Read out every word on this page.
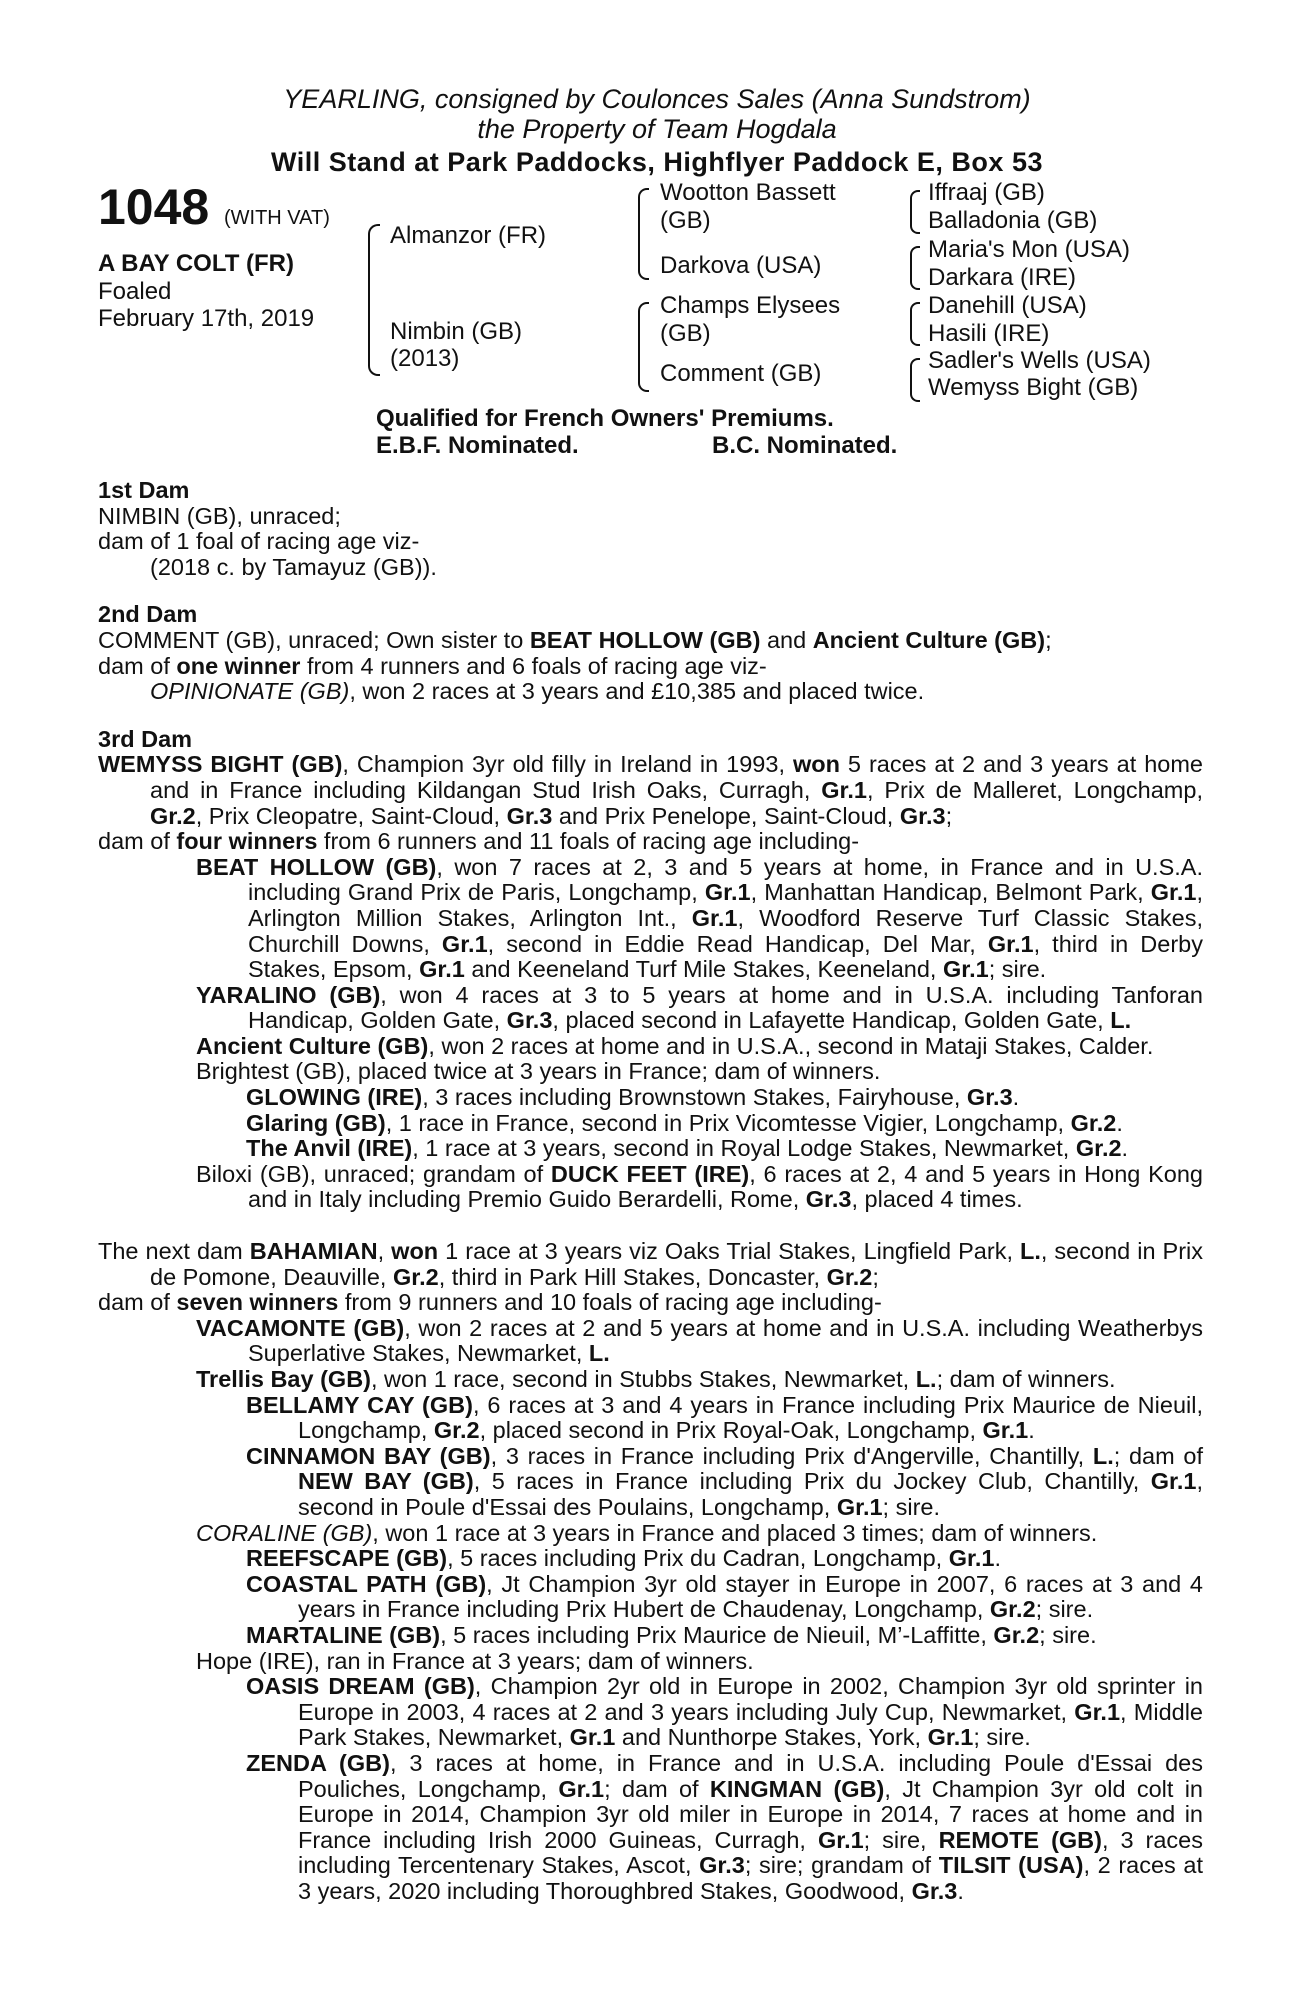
YEARLING, consigned by Coulonces Sales (Anna Sundstrom)
the Property of Team Hogdala
Will Stand at Park Paddocks, Highflyer Paddock E, Box 53
1048 (WITH VAT)
A BAY COLT (FR)
Foaled
February 17th, 2019
Almanzor (FR)
Nimbin (GB)
(2013)
Wootton Bassett
(GB)
Darkova (USA)
Champs Elysees
(GB)
Comment (GB)
Iffraaj (GB)
Balladonia (GB)
Maria's Mon (USA)
Darkara (IRE)
Danehill (USA)
Hasili (IRE)
Sadler's Wells (USA)
Wemyss Bight (GB)
Qualified for French Owners' Premiums.
E.B.F. Nominated.	B.C. Nominated.
1st Dam
NIMBIN (GB), unraced;
dam of 1 foal of racing age viz-
(2018 c. by Tamayuz (GB)).
2nd Dam
COMMENT (GB), unraced; Own sister to BEAT HOLLOW (GB) and Ancient Culture (GB);
dam of one winner from 4 runners and 6 foals of racing age viz-
OPINIONATE (GB), won 2 races at 3 years and £10,385 and placed twice.
3rd Dam
WEMYSS BIGHT (GB), Champion 3yr old filly in Ireland in 1993, won 5 races at 2 and 3 years at home and in France including Kildangan Stud Irish Oaks, Curragh, Gr.1, Prix de Malleret, Longchamp, Gr.2, Prix Cleopatre, Saint-Cloud, Gr.3 and Prix Penelope, Saint-Cloud, Gr.3;
dam of four winners from 6 runners and 11 foals of racing age including-
BEAT HOLLOW (GB), won 7 races at 2, 3 and 5 years at home, in France and in U.S.A. including Grand Prix de Paris, Longchamp, Gr.1, Manhattan Handicap, Belmont Park, Gr.1, Arlington Million Stakes, Arlington Int., Gr.1, Woodford Reserve Turf Classic Stakes, Churchill Downs, Gr.1, second in Eddie Read Handicap, Del Mar, Gr.1, third in Derby Stakes, Epsom, Gr.1 and Keeneland Turf Mile Stakes, Keeneland, Gr.1; sire.
YARALINO (GB), won 4 races at 3 to 5 years at home and in U.S.A. including Tanforan Handicap, Golden Gate, Gr.3, placed second in Lafayette Handicap, Golden Gate, L.
Ancient Culture (GB), won 2 races at home and in U.S.A., second in Mataji Stakes, Calder.
Brightest (GB), placed twice at 3 years in France; dam of winners.
GLOWING (IRE), 3 races including Brownstown Stakes, Fairyhouse, Gr.3.
Glaring (GB), 1 race in France, second in Prix Vicomtesse Vigier, Longchamp, Gr.2.
The Anvil (IRE), 1 race at 3 years, second in Royal Lodge Stakes, Newmarket, Gr.2.
Biloxi (GB), unraced; grandam of DUCK FEET (IRE), 6 races at 2, 4 and 5 years in Hong Kong and in Italy including Premio Guido Berardelli, Rome, Gr.3, placed 4 times.
The next dam BAHAMIAN, won 1 race at 3 years viz Oaks Trial Stakes, Lingfield Park, L., second in Prix de Pomone, Deauville, Gr.2, third in Park Hill Stakes, Doncaster, Gr.2;
dam of seven winners from 9 runners and 10 foals of racing age including-
VACAMONTE (GB), won 2 races at 2 and 5 years at home and in U.S.A. including Weatherbys Superlative Stakes, Newmarket, L.
Trellis Bay (GB), won 1 race, second in Stubbs Stakes, Newmarket, L.; dam of winners.
BELLAMY CAY (GB), 6 races at 3 and 4 years in France including Prix Maurice de Nieuil, Longchamp, Gr.2, placed second in Prix Royal-Oak, Longchamp, Gr.1.
CINNAMON BAY (GB), 3 races in France including Prix d'Angerville, Chantilly, L.; dam of NEW BAY (GB), 5 races in France including Prix du Jockey Club, Chantilly, Gr.1, second in Poule d'Essai des Poulains, Longchamp, Gr.1; sire.
CORALINE (GB), won 1 race at 3 years in France and placed 3 times; dam of winners.
REEFSCAPE (GB), 5 races including Prix du Cadran, Longchamp, Gr.1.
COASTAL PATH (GB), Jt Champion 3yr old stayer in Europe in 2007, 6 races at 3 and 4 years in France including Prix Hubert de Chaudenay, Longchamp, Gr.2; sire.
MARTALINE (GB), 5 races including Prix Maurice de Nieuil, M’-Laffitte, Gr.2; sire.
Hope (IRE), ran in France at 3 years; dam of winners.
OASIS DREAM (GB), Champion 2yr old in Europe in 2002, Champion 3yr old sprinter in Europe in 2003, 4 races at 2 and 3 years including July Cup, Newmarket, Gr.1, Middle Park Stakes, Newmarket, Gr.1 and Nunthorpe Stakes, York, Gr.1; sire.
ZENDA (GB), 3 races at home, in France and in U.S.A. including Poule d'Essai des Pouliches, Longchamp, Gr.1; dam of KINGMAN (GB), Jt Champion 3yr old colt in Europe in 2014, Champion 3yr old miler in Europe in 2014, 7 races at home and in France including Irish 2000 Guineas, Curragh, Gr.1; sire, REMOTE (GB), 3 races including Tercentenary Stakes, Ascot, Gr.3; sire; grandam of TILSIT (USA), 2 races at 3 years, 2020 including Thoroughbred Stakes, Goodwood, Gr.3.
